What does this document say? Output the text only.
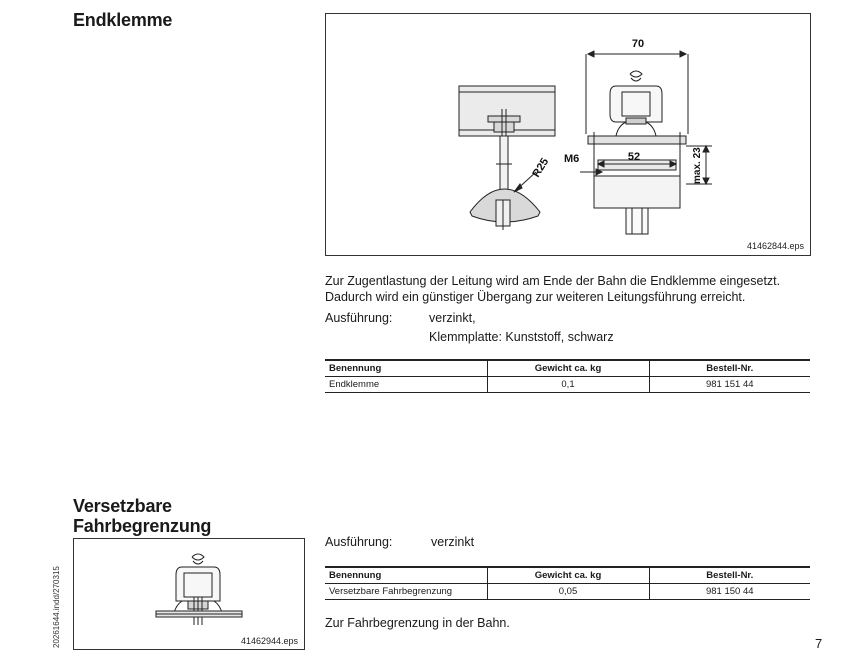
Endklemme
70
52
M6
R25	max. 23
41462844.eps
Zur Zugentlastung der Leitung wird am Ende der Bahn die Endklemme eingesetzt.
Dadurch wird ein günstiger Übergang zur weiteren Leitungsführung erreicht.
Ausführung:	verzinkt,
Klemmplatte: Kunststoff, schwarz
Benennung	Gewicht ca. kg	Bestell-Nr.
Endklemme	0,1	981 151 44
Versetzbare
Fahrbegrenzung
41462944.eps
Ausführung:	verzinkt
Benennung	Gewicht ca. kg	Bestell-Nr.
Versetzbare Fahrbegrenzung	0,05	981 150 44
Zur Fahrbegrenzung in der Bahn.
20261644.indd/270315	7
